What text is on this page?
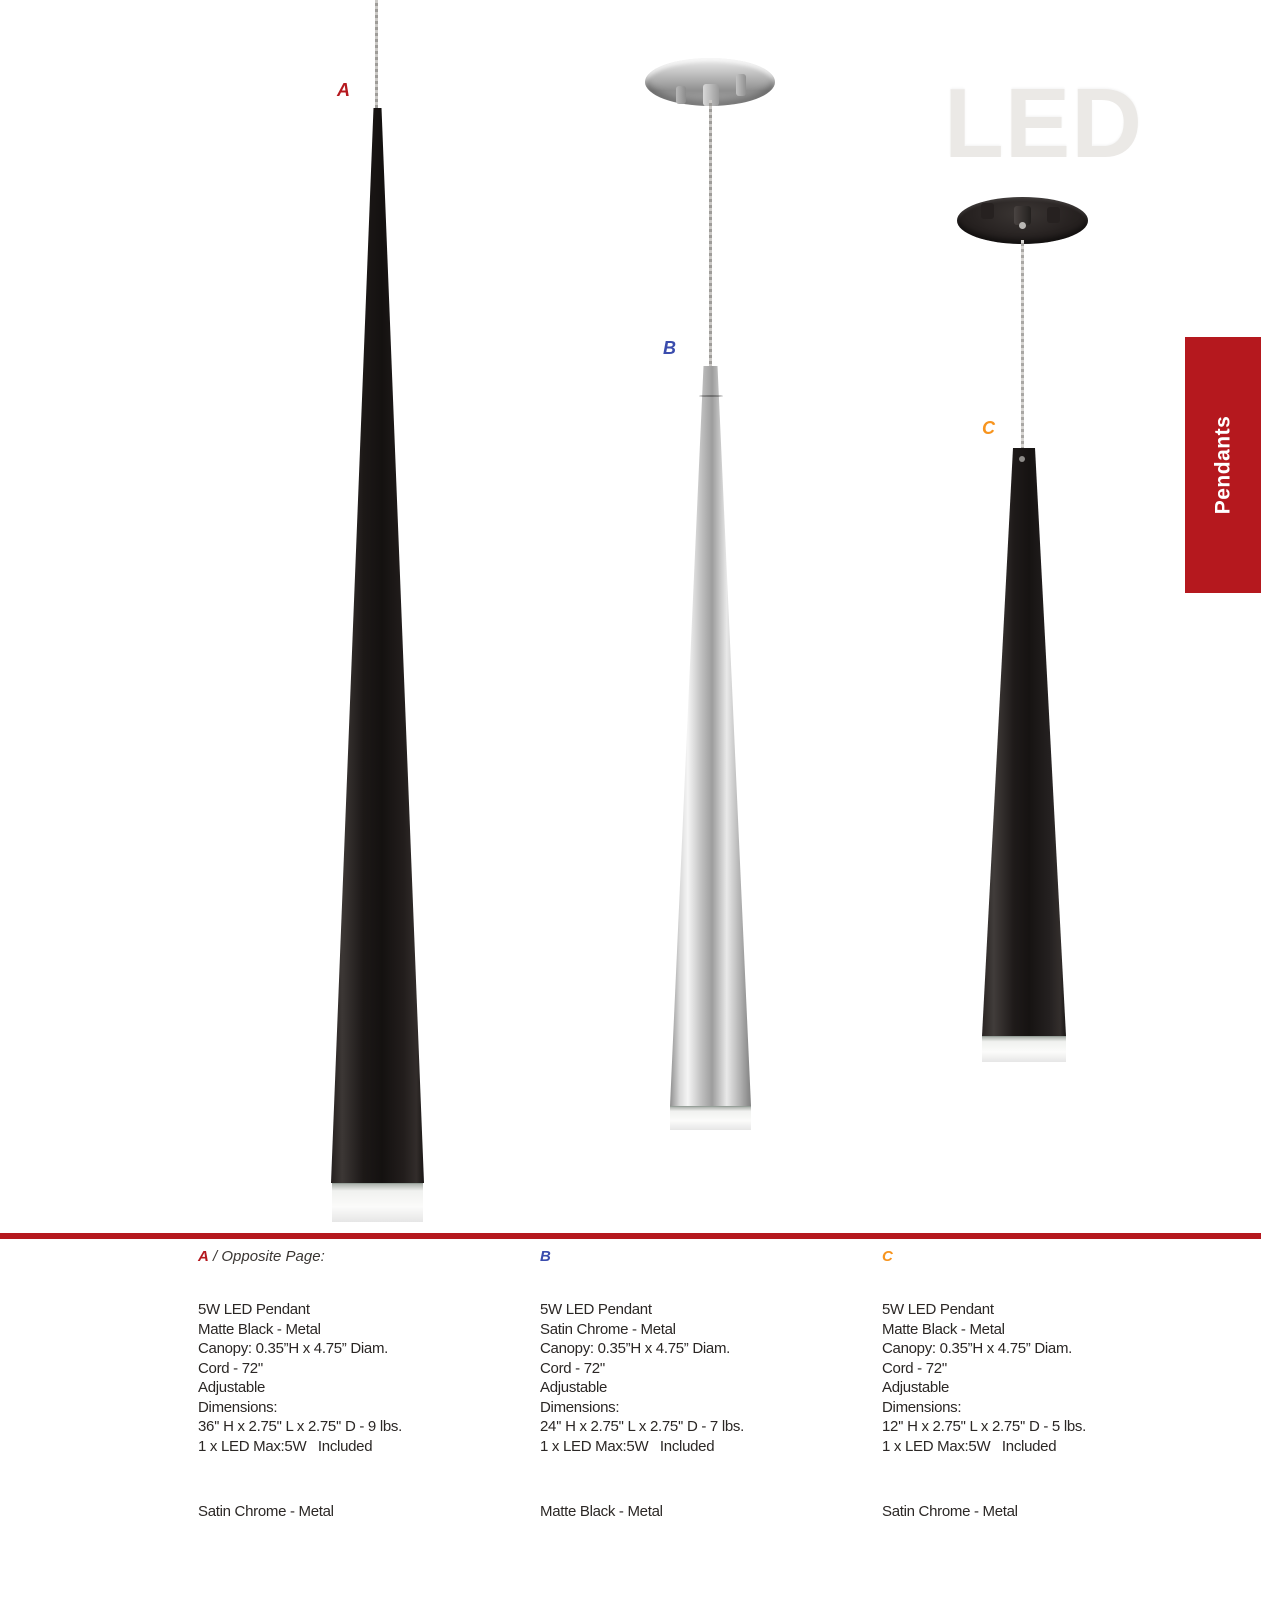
LED
A
B
C	Pendants
A / Opposite Page:
5W LED Pendant
Matte Black - Metal
Canopy: 0.35”H x 4.75” Diam.
Cord - 72"
Adjustable
Dimensions:
36'' H x 2.75'' L x 2.75'' D - 9 lbs.
1 x LED Max:5W   Included
Satin Chrome - Metal
B
5W LED Pendant
Satin Chrome - Metal
Canopy: 0.35”H x 4.75” Diam.
Cord - 72"
Adjustable
Dimensions:
24'' H x 2.75'' L x 2.75'' D - 7 lbs.
1 x LED Max:5W   Included
Matte Black - Metal
C
5W LED Pendant
Matte Black - Metal
Canopy: 0.35”H x 4.75” Diam.
Cord - 72"
Adjustable
Dimensions:
12'' H x 2.75'' L x 2.75'' D - 5 lbs.
1 x LED Max:5W   Included
Satin Chrome - Metal
